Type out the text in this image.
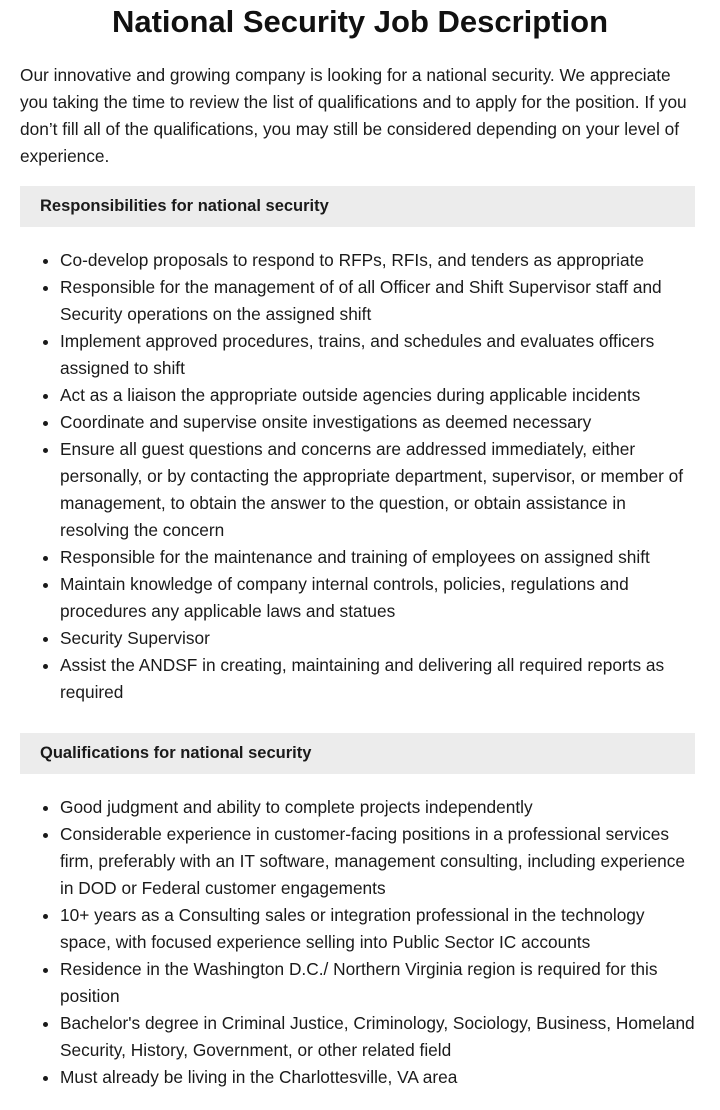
National Security Job Description

Our innovative and growing company is looking for a national security. We appreciate you taking the time to review the list of qualifications and to apply for the position. If you don’t fill all of the qualifications, you may still be considered depending on your level of experience.

Responsibilities for national security
• Co-develop proposals to respond to RFPs, RFIs, and tenders as appropriate
• Responsible for the management of of all Officer and Shift Supervisor staff and Security operations on the assigned shift
• Implement approved procedures, trains, and schedules and evaluates officers assigned to shift
• Act as a liaison the appropriate outside agencies during applicable incidents
• Coordinate and supervise onsite investigations as deemed necessary
• Ensure all guest questions and concerns are addressed immediately, either personally, or by contacting the appropriate department, supervisor, or member of management, to obtain the answer to the question, or obtain assistance in resolving the concern
• Responsible for the maintenance and training of employees on assigned shift
• Maintain knowledge of company internal controls, policies, regulations and procedures any applicable laws and statues
• Security Supervisor
• Assist the ANDSF in creating, maintaining and delivering all required reports as required
Qualifications for national security
• Good judgment and ability to complete projects independently
• Considerable experience in customer-facing positions in a professional services firm, preferably with an IT software, management consulting, including experience in DOD or Federal customer engagements
• 10+ years as a Consulting sales or integration professional in the technology space, with focused experience selling into Public Sector IC accounts
• Residence in the Washington D.C./ Northern Virginia region is required for this position
• Bachelor's degree in Criminal Justice, Criminology, Sociology, Business, Homeland Security, History, Government, or other related field
• Must already be living in the Charlottesville, VA area
